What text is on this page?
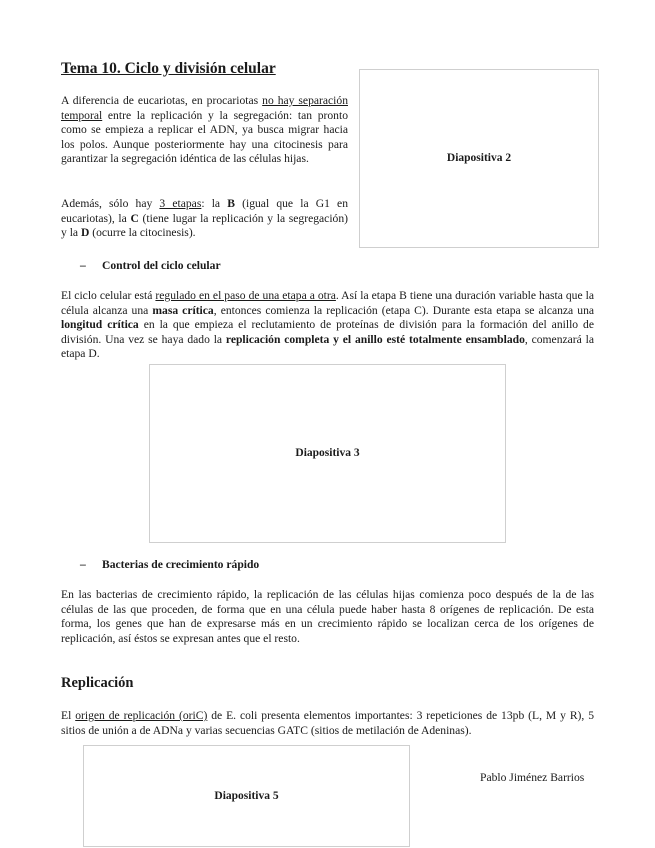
Tema 10. Ciclo y división celular

A diferencia de eucariotas, en procariotas no hay separación temporal entre la replicación y la segregación: tan pronto como se empieza a replicar el ADN, ya busca migrar hacia los polos. Aunque posteriormente hay una citocinesis para garantizar la segregación idéntica de las células hijas.

Además, sólo hay 3 etapas: la B (igual que la G1 en eucariotas), la C (tiene lugar la replicación y la segregación) y la D (ocurre la citocinesis).

Diapositiva 2
– Control del ciclo celular

El ciclo celular está regulado en el paso de una etapa a otra. Así la etapa B tiene una duración variable hasta que la célula alcanza una masa crítica, entonces comienza la replicación (etapa C). Durante esta etapa se alcanza una longitud crítica en la que empieza el reclutamiento de proteínas de división para la formación del anillo de división. Una vez se haya dado la replicación completa y el anillo esté totalmente ensamblado, comenzará la etapa D.

Diapositiva 3
– Bacterias de crecimiento rápido

En las bacterias de crecimiento rápido, la replicación de las células hijas comienza poco después de la de las células de las que proceden, de forma que en una célula puede haber hasta 8 orígenes de replicación. De esta forma, los genes que han de expresarse más en un crecimiento rápido se localizan cerca de los orígenes de replicación, así éstos se expresan antes que el resto.

Replicación

El origen de replicación (oriC) de E. coli presenta elementos importantes: 3 repeticiones de 13pb (L, M y R), 5 sitios de unión a de ADNa y varias secuencias GATC (sitios de metilación de Adeninas).

Diapositiva 5
Pablo Jiménez Barrios
